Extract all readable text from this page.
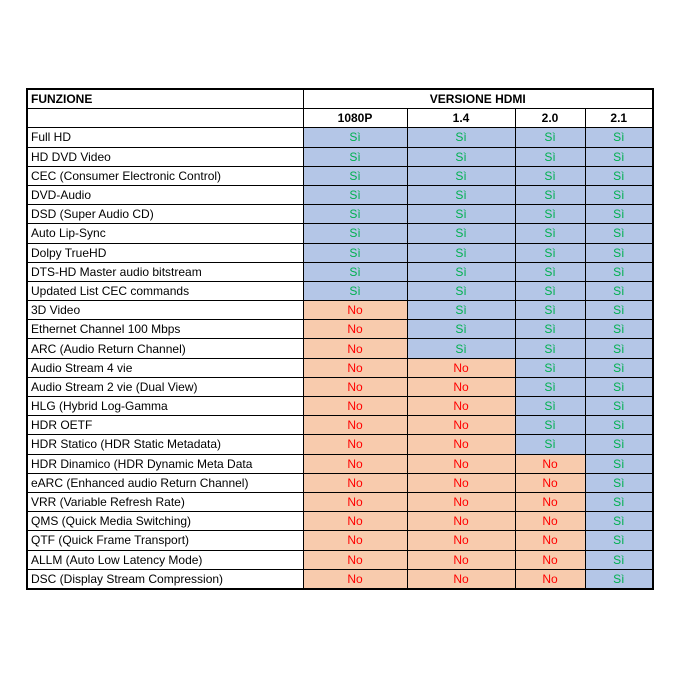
FUNZIONE	VERSIONE HDMI			
	1080P	1.4	2.0	2.1
Full HD	Sì	Sì	Sì	Sì
HD DVD Video	Sì	Sì	Sì	Sì
CEC (Consumer Electronic Control)	Sì	Sì	Sì	Sì
DVD-Audio	Sì	Sì	Sì	Sì
DSD (Super Audio CD)	Sì	Sì	Sì	Sì
Auto Lip-Sync	Sì	Sì	Sì	Sì
Dolpy TrueHD	Sì	Sì	Sì	Sì
DTS-HD Master audio bitstream	Sì	Sì	Sì	Sì
Updated List CEC commands	Sì	Sì	Sì	Sì
3D Video	No	Sì	Sì	Sì
Ethernet Channel 100 Mbps	No	Sì	Sì	Sì
ARC (Audio Return Channel)	No	Sì	Sì	Sì
Audio Stream 4 vie	No	No	Sì	Sì
Audio Stream 2 vie (Dual View)	No	No	Sì	Sì
HLG (Hybrid Log-Gamma	No	No	Sì	Sì
HDR OETF	No	No	Sì	Sì
HDR Statico (HDR Static Metadata)	No	No	Sì	Sì
HDR Dinamico (HDR Dynamic Meta Data	No	No	No	Sì
eARC (Enhanced audio Return Channel)	No	No	No	Sì
VRR (Variable Refresh Rate)	No	No	No	Sì
QMS (Quick Media Switching)	No	No	No	Sì
QTF (Quick Frame Transport)	No	No	No	Sì
ALLM (Auto Low Latency Mode)	No	No	No	Sì
DSC (Display Stream Compression)	No	No	No	Sì
